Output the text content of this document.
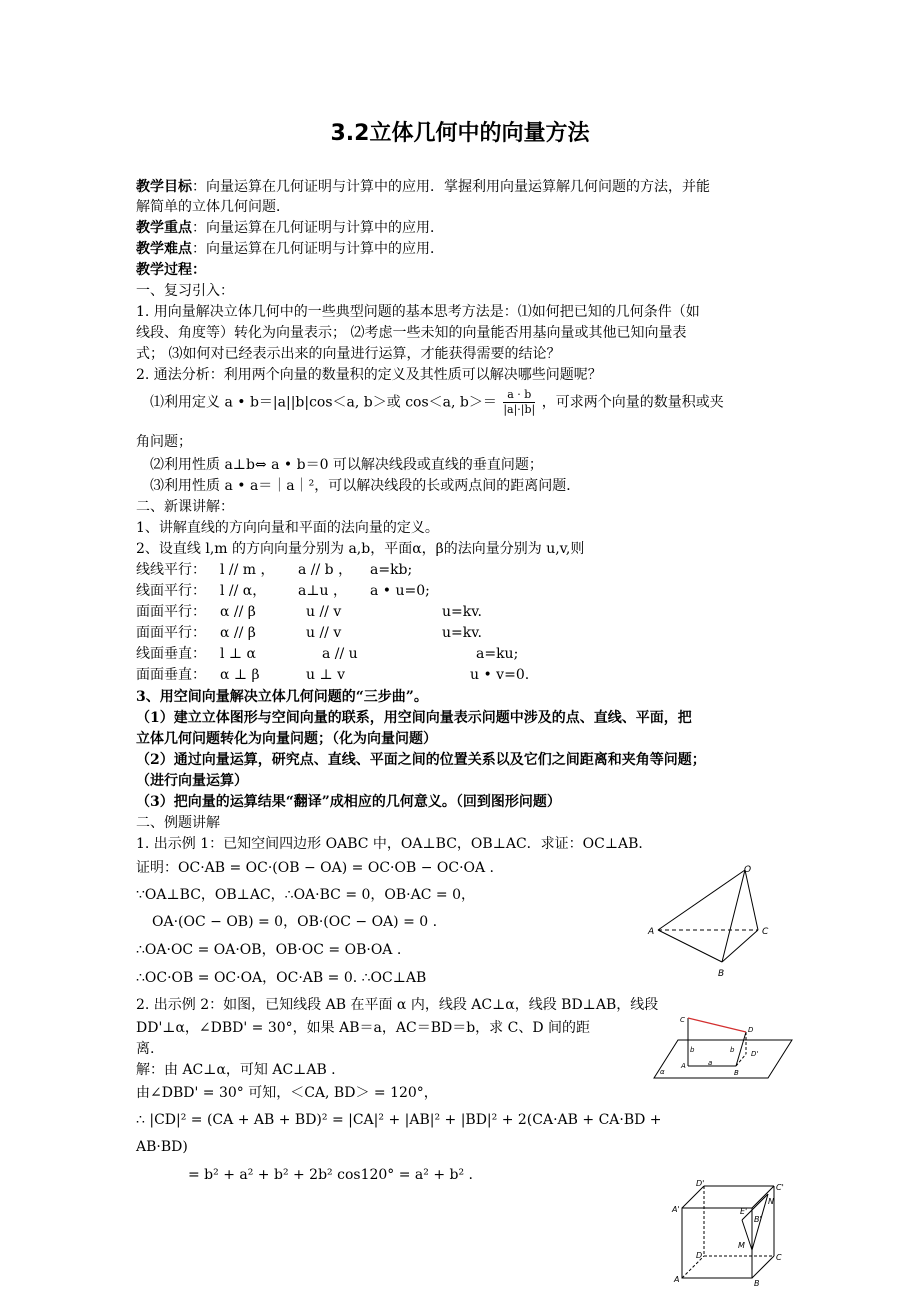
3.2立体几何中的向量方法
教学目标：向量运算在几何证明与计算中的应用．掌握利用向量运算解几何问题的方法，并能
解简单的立体几何问题．
教学重点：向量运算在几何证明与计算中的应用．
教学难点：向量运算在几何证明与计算中的应用．
教学过程：
一、复习引入：
1. 用向量解决立体几何中的一些典型问题的基本思考方法是：⑴如何把已知的几何条件（如
线段、角度等）转化为向量表示； ⑵考虑一些未知的向量能否用基向量或其他已知向量表
式； ⑶如何对已经表示出来的向量进行运算，才能获得需要的结论？
2. 通法分析：利用两个向量的数量积的定义及其性质可以解决哪些问题呢？
⑴利用定义 a • b＝|a||b|cos＜a, b＞或 cos＜a, $b>= \frac{a \cdot b}{|a|\cdot|b|}$ ，可求两个向量的数量积或夹
角问题；
⑵利用性质 a⊥b⇔ a • b＝0 可以解决线段或直线的垂直问题；
⑶利用性质 a • a＝｜a｜²，可以解决线段的长或两点间的距离问题．
二、新课讲解：
1、讲解直线的方向向量和平面的法向量的定义。
2、设直线 l,m 的方向向量分别为 a,b，平面α，β的法向量分别为 u,v,则
线线平行： l // m ， a // b ， a=kb;
线面平行： l // α， a⊥u ， a • u=0;
面面平行： α // β	u // v	u=kv.
面面平行： α // β	u // v	u=kv.
线面垂直： l ⊥ α	a // u	a=ku;
面面垂直： α ⊥ β	u ⊥ v	u • v=0.
3、用空间向量解决立体几何问题的“三步曲”。
（1）建立立体图形与空间向量的联系，用空间向量表示问题中涉及的点、直线、平面，把
立体几何问题转化为向量问题；（化为向量问题）
（2）通过向量运算，研究点、直线、平面之间的位置关系以及它们之间距离和夹角等问题；
（进行向量运算）
（3）把向量的运算结果“翻译”成相应的几何意义。（回到图形问题）
二、例题讲解
1. 出示例 1：已知空间四边形 OABC 中，OA⊥BC，OB⊥AC．求证：OC⊥AB．
证明：OC·AB = OC·(OB − OA) = OC·OB − OC·OA .
∵OA⊥BC，OB⊥AC，∴OA·BC = 0，OB·AC = 0，
OA·(OC − OB) = 0，OB·(OC − OA) = 0 .
∴OA·OC = OA·OB，OB·OC = OB·OA .
∴OC·OB = OC·OA，OC·AB = 0. ∴OC⊥AB
2. 出示例 2：如图，已知线段 AB 在平面 α 内，线段 AC⊥α，线段 BD⊥AB，线段
DD'⊥α，∠DBD' = 30°，如果 AB＝a，AC＝BD＝b，求 C、D 间的距
离.
解：由 AC⊥α，可知 AC⊥AB .
由∠DBD' = 30° 可知，＜CA, BD＞ = 120°，
∴ |CD|² = (CA + AB + BD)² = |CA|² + |AB|² + |BD|² + 2(CA·AB + CA·BD +
AB·BD)
= b² + a² + b² + 2b² cos120° = a² + b² .
O
A
B
C
C
D
D'
A
B
a
b	b
α
D'	C'
A'
B'
N
E'
M
D	C
A	B
